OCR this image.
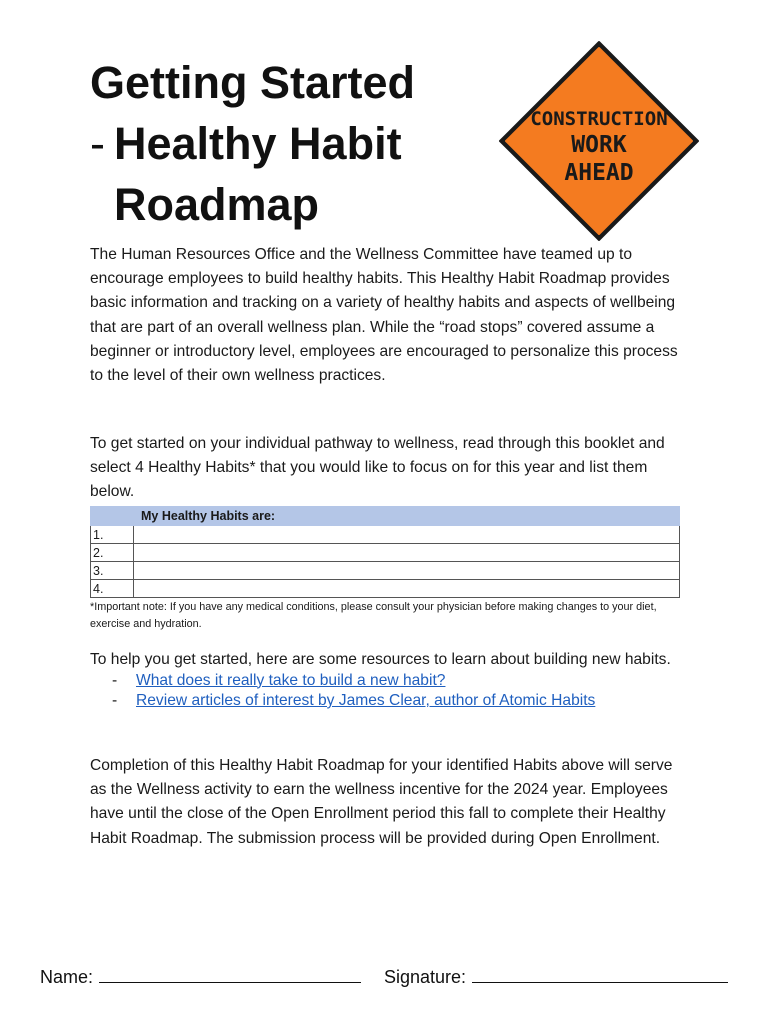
Getting Started
- Healthy Habit
Roadmap
CONSTRUCTION
WORK
AHEAD
The Human Resources Office and the Wellness Committee have teamed up to encourage employees to build healthy habits. This Healthy Habit Roadmap provides basic information and tracking on a variety of healthy habits and aspects of wellbeing that are part of an overall wellness plan. While the “road stops” covered assume a beginner or introductory level, employees are encouraged to personalize this process to the level of their own wellness practices.
To get started on your individual pathway to wellness, read through this booklet and select 4 Healthy Habits* that you would like to focus on for this year and list them below.
My Healthy Habits are:	
1.	
2.	
3.	
4.	
*Important note: If you have any medical conditions, please consult your physician before making changes to your diet, exercise and hydration.
To help you get started, here are some resources to learn about building new habits.
- What does it really take to build a new habit?
- Review articles of interest by James Clear, author of Atomic Habits
Completion of this Healthy Habit Roadmap for your identified Habits above will serve as the Wellness activity to earn the wellness incentive for the 2024 year. Employees have until the close of the Open Enrollment period this fall to complete their Healthy Habit Roadmap. The submission process will be provided during Open Enrollment.
Name:	Signature:
